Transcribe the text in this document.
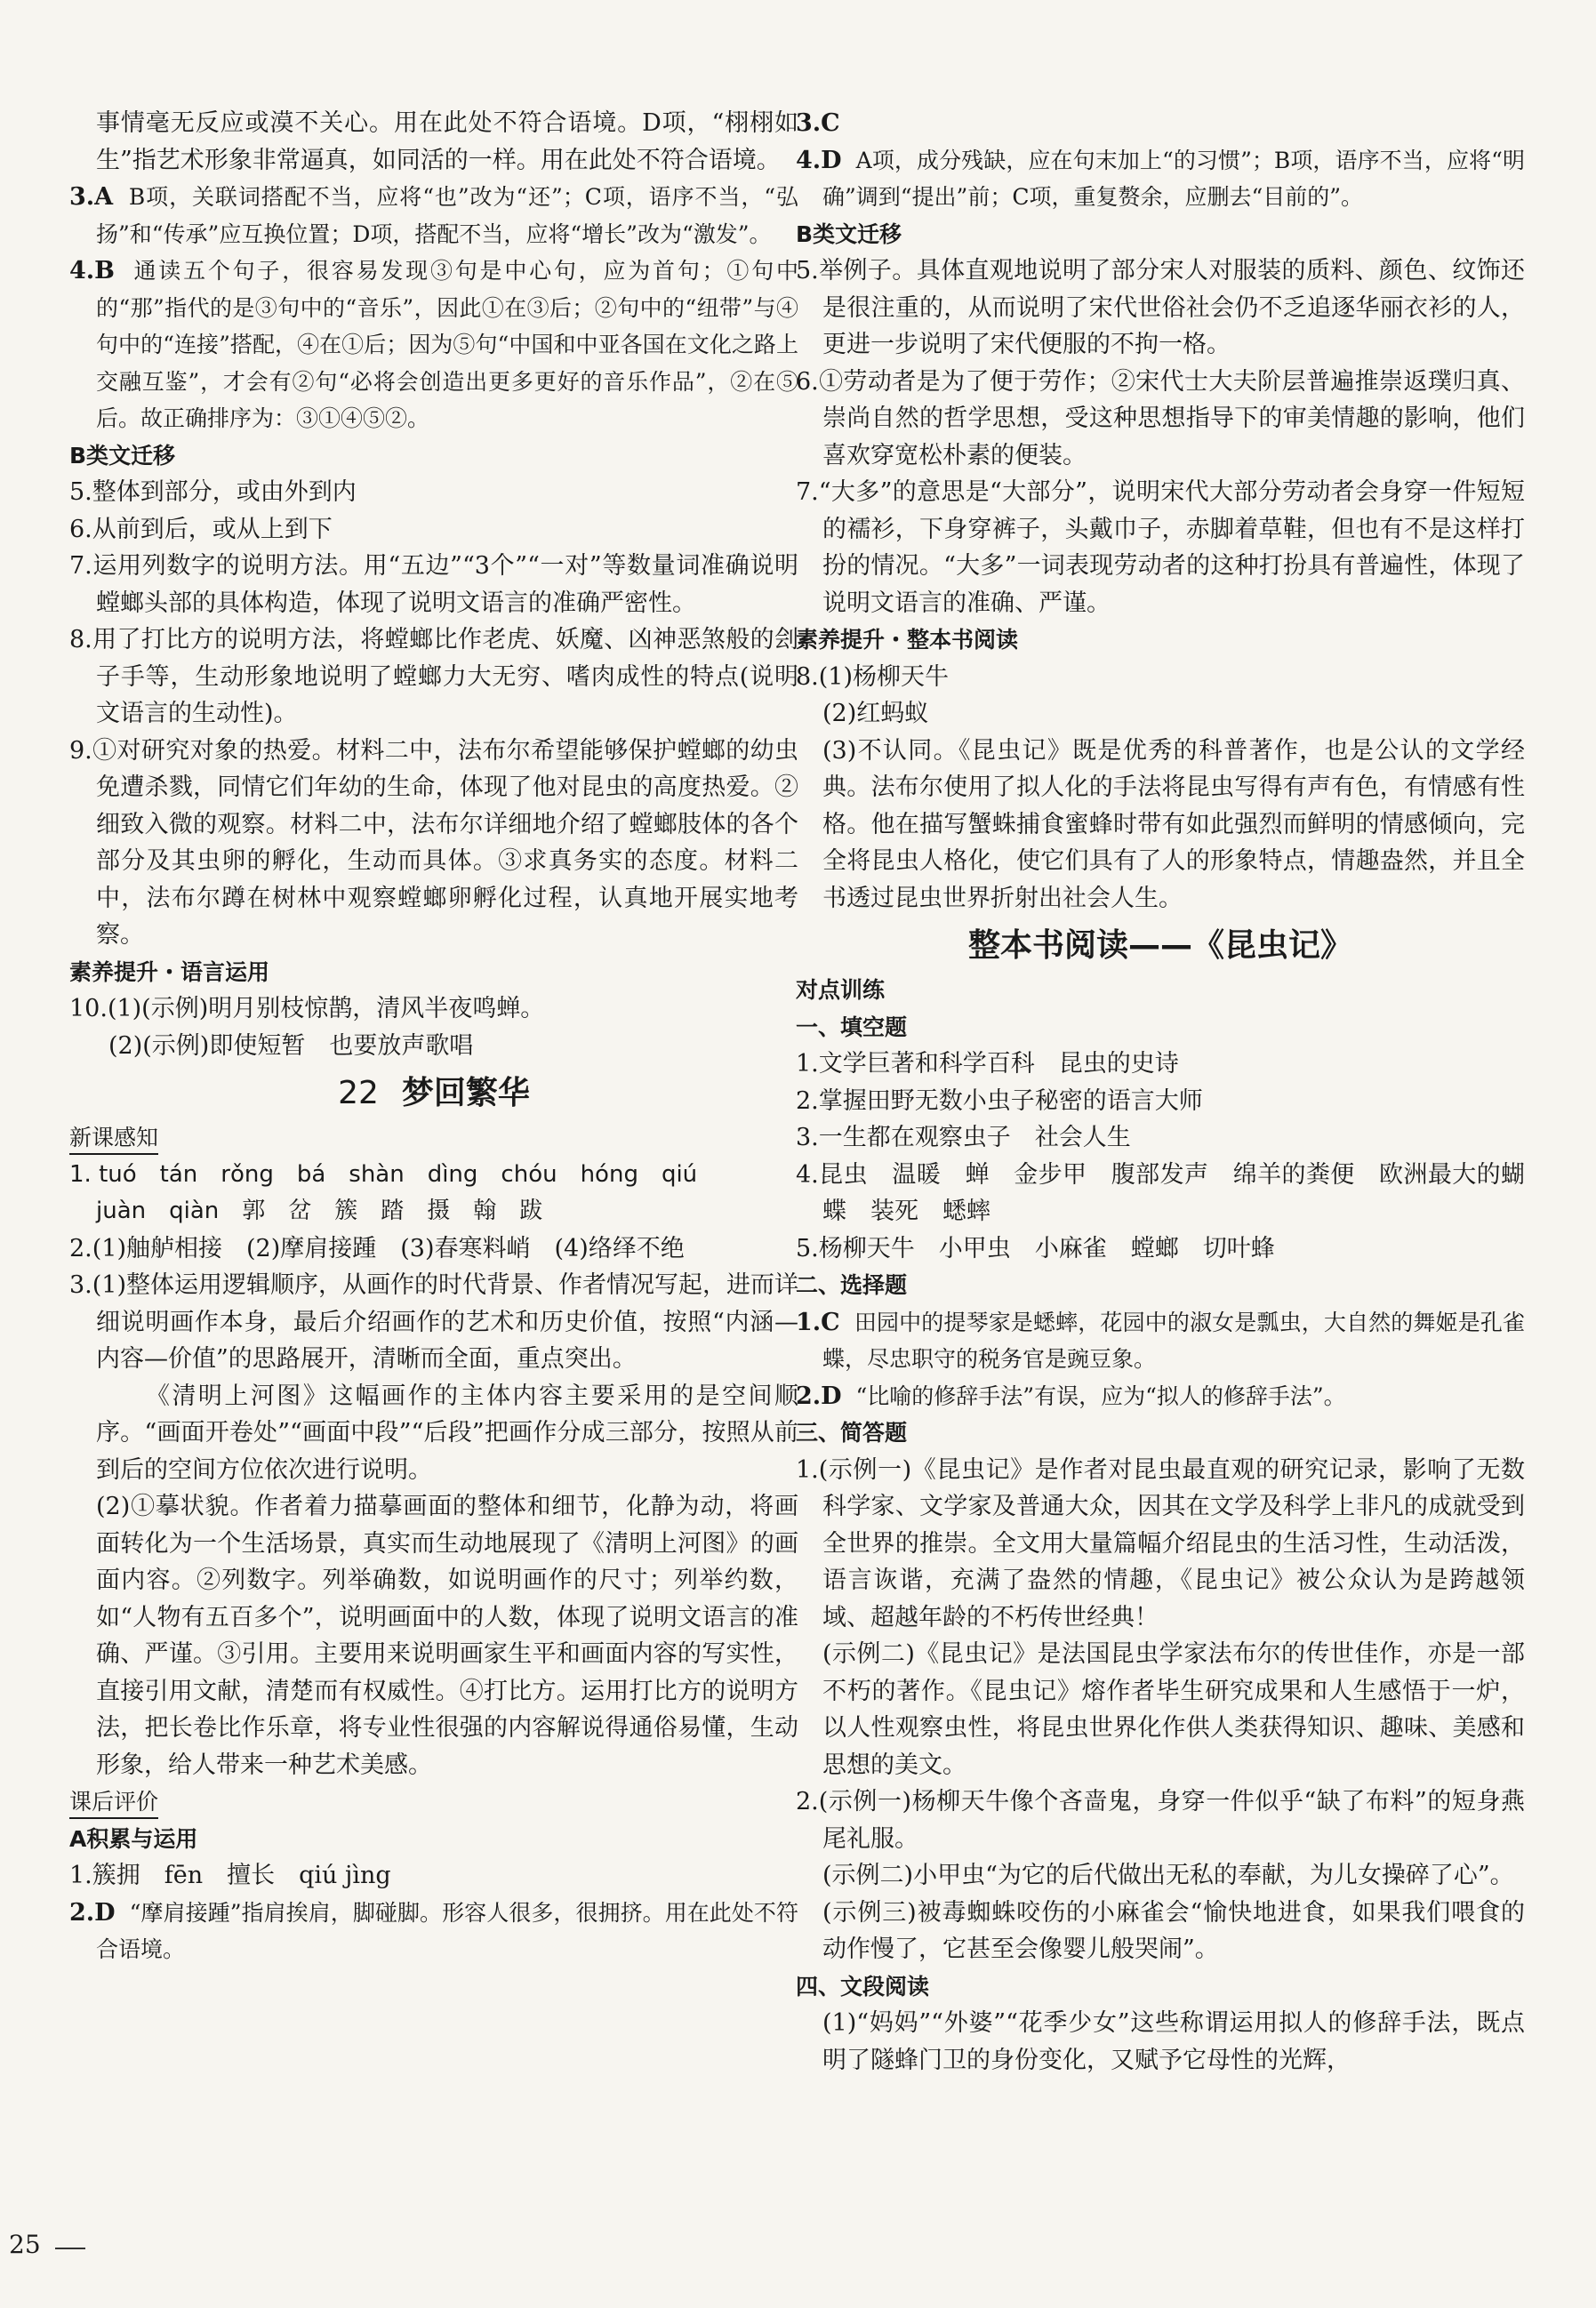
事情毫无反应或漠不关心。用在此处不符合语境。D项，“栩栩如生”指艺术形象非常逼真，如同活的一样。用在此处不符合语境。

3.A  B项，关联词搭配不当，应将“也”改为“还”；C项，语序不当，“弘扬”和“传承”应互换位置；D项，搭配不当，应将“增长”改为“激发”。

4.B  通读五个句子，很容易发现③句是中心句，应为首句；①句中的“那”指代的是③句中的“音乐”，因此①在③后；②句中的“纽带”与④句中的“连接”搭配，④在①后；因为⑤句“中国和中亚各国在文化之路上交融互鉴”，才会有②句“必将会创造出更多更好的音乐作品”，②在⑤后。故正确排序为：③①④⑤②。

B类文迁移

5.整体到部分，或由外到内

6.从前到后，或从上到下

7.运用列数字的说明方法。用“五边”“3个”“一对”等数量词准确说明螳螂头部的具体构造，体现了说明文语言的准确严密性。

8.用了打比方的说明方法，将螳螂比作老虎、妖魔、凶神恶煞般的刽子手等，生动形象地说明了螳螂力大无穷、嗜肉成性的特点(说明文语言的生动性)。

9.①对研究对象的热爱。材料二中，法布尔希望能够保护螳螂的幼虫免遭杀戮，同情它们年幼的生命，体现了他对昆虫的高度热爱。②细致入微的观察。材料二中，法布尔详细地介绍了螳螂肢体的各个部分及其虫卵的孵化，生动而具体。③求真务实的态度。材料二中，法布尔蹲在树林中观察螳螂卵孵化过程，认真地开展实地考察。

素养提升・语言运用

10.(1)(示例)明月别枝惊鹊，清风半夜鸣蝉。

(2)(示例)即使短暂　也要放声歌唱

22 梦回繁华

新课感知

1. tuó　tán　rǒng　bá　shàn　dìng　chóu　hóng　qiú

juàn　qiàn　郭　岔　簇　踏　摄　翰　跋

2.(1)舳舻相接　(2)摩肩接踵　(3)春寒料峭　(4)络绎不绝

3.(1)整体运用逻辑顺序，从画作的时代背景、作者情况写起，进而详细说明画作本身，最后介绍画作的艺术和历史价值，按照“内涵—内容—价值”的思路展开，清晰而全面，重点突出。

《清明上河图》这幅画作的主体内容主要采用的是空间顺序。“画面开卷处”“画面中段”“后段”把画作分成三部分，按照从前到后的空间方位依次进行说明。

(2)①摹状貌。作者着力描摹画面的整体和细节，化静为动，将画面转化为一个生活场景，真实而生动地展现了《清明上河图》的画面内容。②列数字。列举确数，如说明画作的尺寸；列举约数，如“人物有五百多个”，说明画面中的人数，体现了说明文语言的准确、严谨。③引用。主要用来说明画家生平和画面内容的写实性，直接引用文献，清楚而有权威性。④打比方。运用打比方的说明方法，把长卷比作乐章，将专业性很强的内容解说得通俗易懂，生动形象，给人带来一种艺术美感。

课后评价

A积累与运用

1.簇拥　fēn　擅长　qiú jìng

2.D  “摩肩接踵”指肩挨肩，脚碰脚。形容人很多，很拥挤。用在此处不符合语境。

3.C

4.D  A项，成分残缺，应在句末加上“的习惯”；B项，语序不当，应将“明确”调到“提出”前；C项，重复赘余，应删去“目前的”。

B类文迁移

5.举例子。具体直观地说明了部分宋人对服装的质料、颜色、纹饰还是很注重的，从而说明了宋代世俗社会仍不乏追逐华丽衣衫的人，更进一步说明了宋代便服的不拘一格。

6.①劳动者是为了便于劳作；②宋代士大夫阶层普遍推崇返璞归真、崇尚自然的哲学思想，受这种思想指导下的审美情趣的影响，他们喜欢穿宽松朴素的便装。

7.“大多”的意思是“大部分”，说明宋代大部分劳动者会身穿一件短短的襦衫，下身穿裤子，头戴巾子，赤脚着草鞋，但也有不是这样打扮的情况。“大多”一词表现劳动者的这种打扮具有普遍性，体现了说明文语言的准确、严谨。

素养提升・整本书阅读

8.(1)杨柳天牛

(2)红蚂蚁

(3)不认同。《昆虫记》既是优秀的科普著作，也是公认的文学经典。法布尔使用了拟人化的手法将昆虫写得有声有色，有情感有性格。他在描写蟹蛛捕食蜜蜂时带有如此强烈而鲜明的情感倾向，完全将昆虫人格化，使它们具有了人的形象特点，情趣盎然，并且全书透过昆虫世界折射出社会人生。

整本书阅读——《昆虫记》

对点训练

一、填空题

1.文学巨著和科学百科　昆虫的史诗

2.掌握田野无数小虫子秘密的语言大师

3.一生都在观察虫子　社会人生

4.昆虫　温暖　蝉　金步甲　腹部发声　绵羊的粪便　欧洲最大的蝴蝶　装死　蟋蟀

5.杨柳天牛　小甲虫　小麻雀　螳螂　切叶蜂

二、选择题

1.C  田园中的提琴家是蟋蟀，花园中的淑女是瓢虫，大自然的舞姬是孔雀蝶，尽忠职守的税务官是豌豆象。

2.D  “比喻的修辞手法”有误，应为“拟人的修辞手法”。

三、简答题

1.(示例一)《昆虫记》是作者对昆虫最直观的研究记录，影响了无数科学家、文学家及普通大众，因其在文学及科学上非凡的成就受到全世界的推崇。全文用大量篇幅介绍昆虫的生活习性，生动活泼，语言诙谐，充满了盎然的情趣，《昆虫记》被公众认为是跨越领域、超越年龄的不朽传世经典！

(示例二)《昆虫记》是法国昆虫学家法布尔的传世佳作，亦是一部不朽的著作。《昆虫记》熔作者毕生研究成果和人生感悟于一炉，以人性观察虫性，将昆虫世界化作供人类获得知识、趣味、美感和思想的美文。

2.(示例一)杨柳天牛像个吝啬鬼，身穿一件似乎“缺了布料”的短身燕尾礼服。

(示例二)小甲虫“为它的后代做出无私的奉献，为儿女操碎了心”。

(示例三)被毒蜘蛛咬伤的小麻雀会“愉快地进食，如果我们喂食的动作慢了，它甚至会像婴儿般哭闹”。

四、文段阅读

(1)“妈妈”“外婆”“花季少女”这些称谓运用拟人的修辞手法，既点明了隧蜂门卫的身份变化，又赋予它母性的光辉，

25
